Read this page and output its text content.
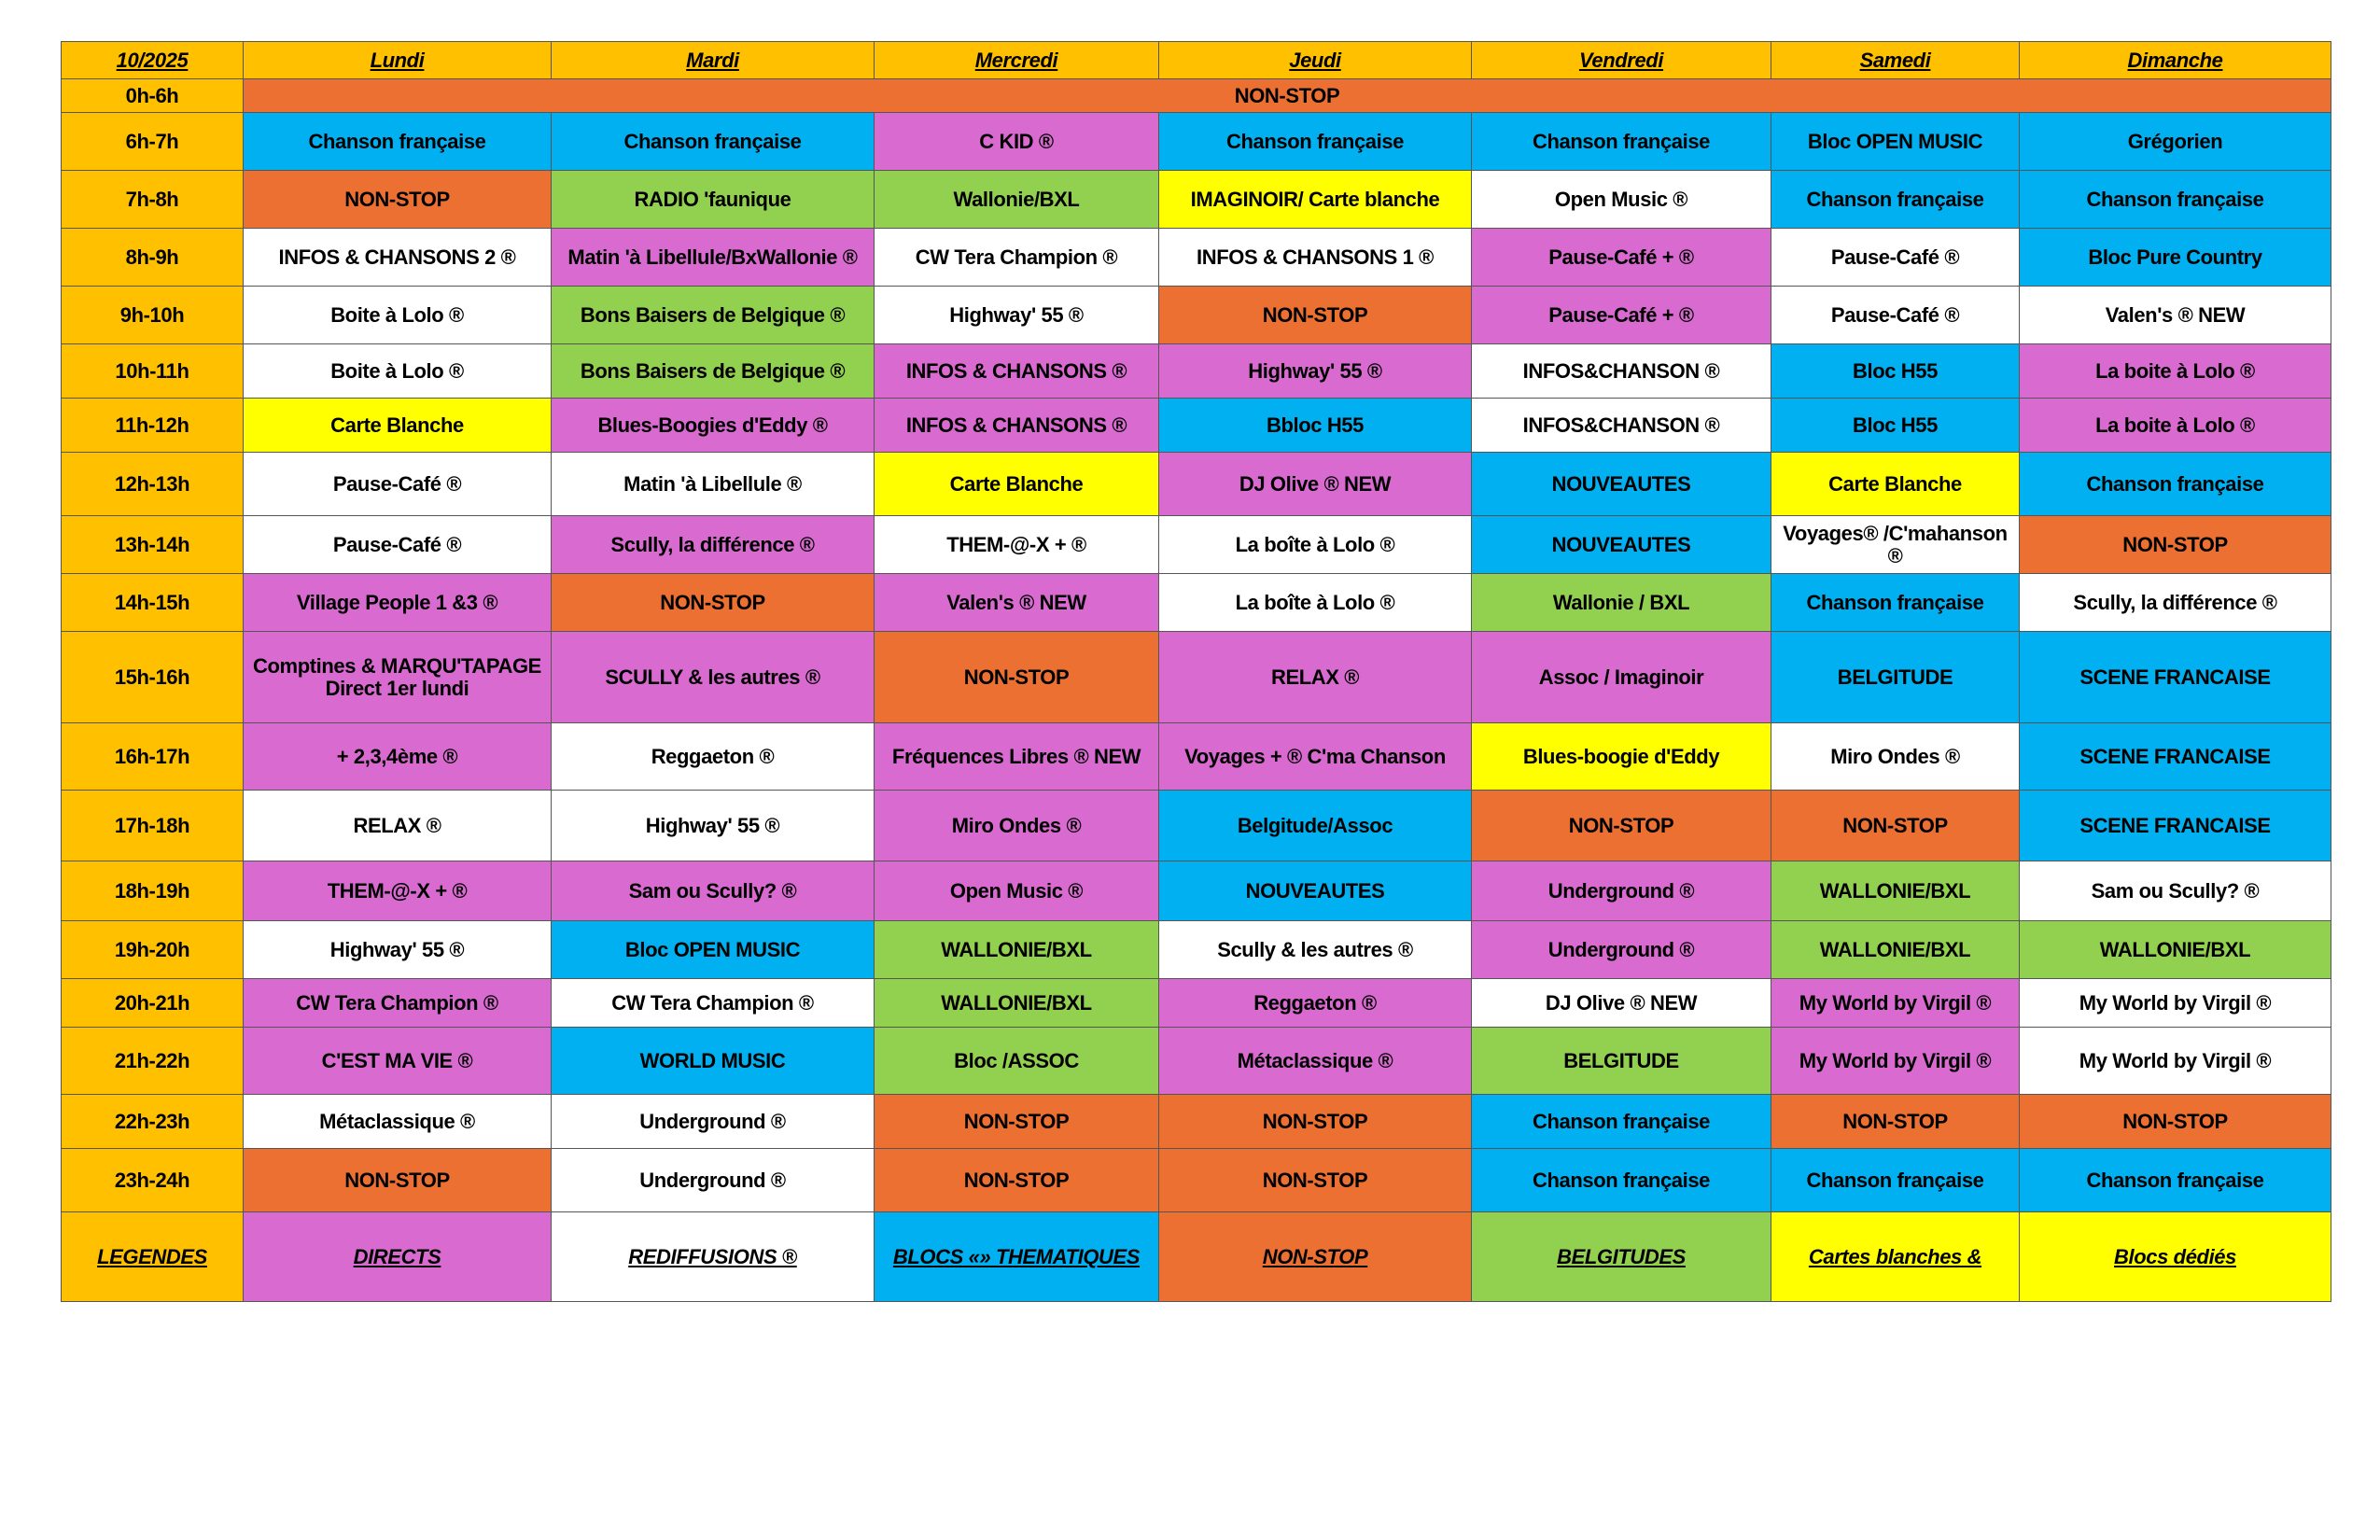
10/2025	Lundi	Mardi	Mercredi	Jeudi	Vendredi	Samedi	Dimanche
0h-6h	NON-STOP						
6h-7h	Chanson française	Chanson française	C KID ®	Chanson française	Chanson française	Bloc OPEN MUSIC	Grégorien
7h-8h	NON-STOP	RADIO 'faunique	Wallonie/BXL	IMAGINOIR/ Carte blanche	Open Music ®	Chanson française	Chanson française
8h-9h	INFOS & CHANSONS 2 ®	Matin 'à Libellule/BxWallonie ®	CW Tera Champion ®	INFOS & CHANSONS 1 ®	Pause-Café + ®	Pause-Café ®	Bloc Pure Country
9h-10h	Boite à Lolo ®	Bons Baisers de Belgique ®	Highway' 55 ®	NON-STOP	Pause-Café + ®	Pause-Café ®	Valen's ® NEW
10h-11h	Boite à Lolo ®	Bons Baisers de Belgique ®	INFOS & CHANSONS ®	Highway' 55 ®	INFOS&CHANSON ®	Bloc H55	La boite à Lolo ®
11h-12h	Carte Blanche	Blues-Boogies d'Eddy ®	INFOS & CHANSONS ®	Bbloc H55	INFOS&CHANSON ®	Bloc H55	La boite à Lolo ®
12h-13h	Pause-Café ®	Matin 'à Libellule ®	Carte Blanche	DJ Olive ® NEW	NOUVEAUTES	Carte Blanche	Chanson française
13h-14h	Pause-Café ®	Scully, la différence ®	THEM-@-X + ®	La boîte à Lolo ®	NOUVEAUTES	Voyages® /C'mahanson ®	NON-STOP
14h-15h	Village People 1 &3 ®	NON-STOP	Valen's ® NEW	La boîte à Lolo ®	Wallonie / BXL	Chanson française	Scully, la différence ®
15h-16h	Comptines & MARQU'TAPAGE Direct 1er lundi	SCULLY & les autres ®	NON-STOP	RELAX ®	Assoc / Imaginoir	BELGITUDE	SCENE FRANCAISE
16h-17h	+ 2,3,4ème ®	Reggaeton ®	Fréquences Libres ® NEW	Voyages + ® C'ma Chanson	Blues-boogie d'Eddy	Miro Ondes ®	SCENE FRANCAISE
17h-18h	RELAX ®	Highway' 55 ®	Miro Ondes ®	Belgitude/Assoc	NON-STOP	NON-STOP	SCENE FRANCAISE
18h-19h	THEM-@-X + ®	Sam ou Scully? ®	Open Music ®	NOUVEAUTES	Underground ®	WALLONIE/BXL	Sam ou Scully? ®
19h-20h	Highway' 55 ®	Bloc OPEN MUSIC	WALLONIE/BXL	Scully & les autres ®	Underground ®	WALLONIE/BXL	WALLONIE/BXL
20h-21h	CW Tera Champion ®	CW Tera Champion ®	WALLONIE/BXL	Reggaeton ®	DJ Olive ® NEW	My World by Virgil ®	My World by Virgil ®
21h-22h	C'EST MA VIE ®	WORLD MUSIC	Bloc /ASSOC	Métaclassique ®	BELGITUDE	My World by Virgil ®	My World by Virgil ®
22h-23h	Métaclassique ®	Underground ®	NON-STOP	NON-STOP	Chanson française	NON-STOP	NON-STOP
23h-24h	NON-STOP	Underground ®	NON-STOP	NON-STOP	Chanson française	Chanson française	Chanson française
LEGENDES	DIRECTS	REDIFFUSIONS ®	BLOCS «» THEMATIQUES	NON-STOP	BELGITUDES	Cartes blanches &	Blocs dédiés
